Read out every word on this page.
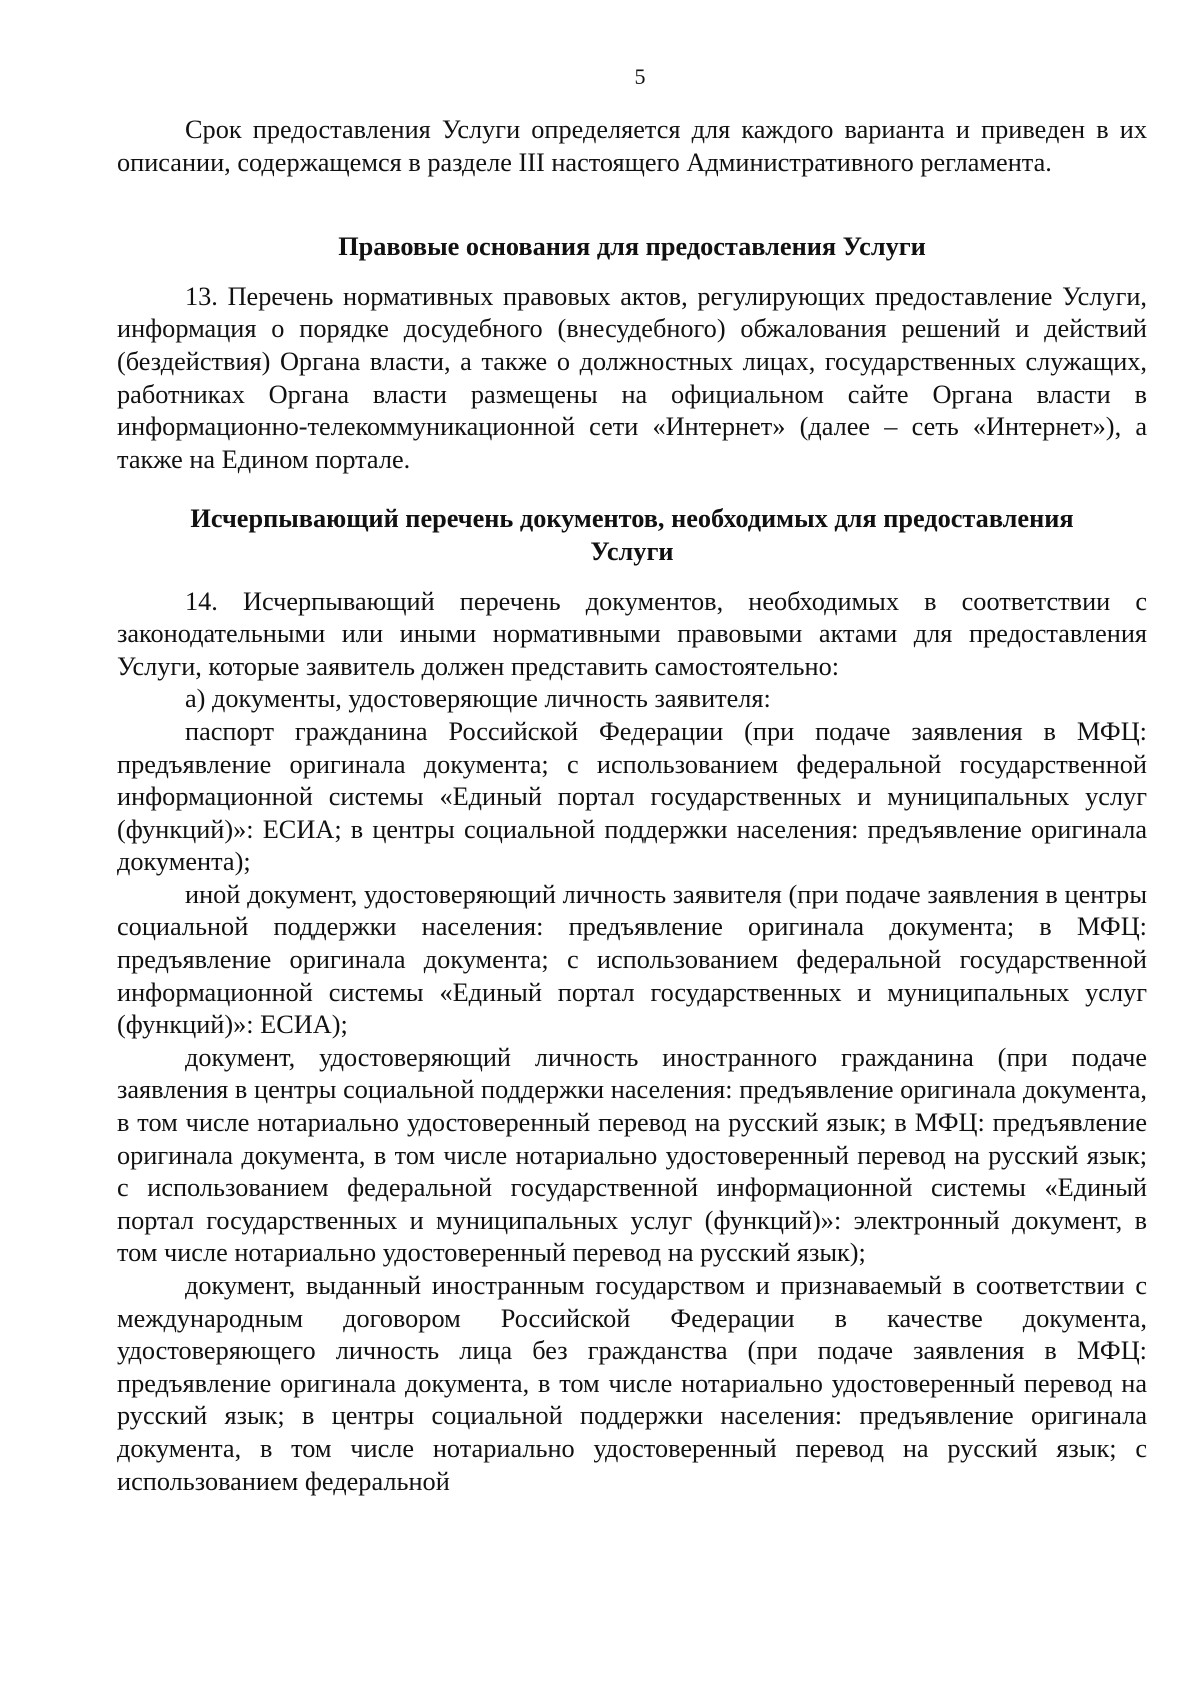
5

Срок предоставления Услуги определяется для каждого варианта и приведен в их описании, содержащемся в разделе III настоящего Административного регламента.

Правовые основания для предоставления Услуги

13. Перечень нормативных правовых актов, регулирующих предоставление Услуги, информация о порядке досудебного (внесудебного) обжалования решений и действий (бездействия) Органа власти, а также о должностных лицах, государственных служащих, работниках Органа власти размещены на официальном сайте Органа власти в информационно-телекоммуникационной сети «Интернет» (далее – сеть «Интернет»), а также на Едином портале.

Исчерпывающий перечень документов, необходимых для предоставления Услуги

14. Исчерпывающий перечень документов, необходимых в соответствии с законодательными или иными нормативными правовыми актами для предоставления Услуги, которые заявитель должен представить самостоятельно:

а) документы, удостоверяющие личность заявителя:

паспорт гражданина Российской Федерации (при подаче заявления в МФЦ: предъявление оригинала документа; с использованием федеральной государственной информационной системы «Единый портал государственных и муниципальных услуг (функций)»: ЕСИА; в центры социальной поддержки населения: предъявление оригинала документа);

иной документ, удостоверяющий личность заявителя (при подаче заявления в центры социальной поддержки населения: предъявление оригинала документа; в МФЦ: предъявление оригинала документа; с использованием федеральной государственной информационной системы «Единый портал государственных и муниципальных услуг (функций)»: ЕСИА);

документ, удостоверяющий личность иностранного гражданина (при подаче заявления в центры социальной поддержки населения: предъявление оригинала документа, в том числе нотариально удостоверенный перевод на русский язык; в МФЦ: предъявление оригинала документа, в том числе нотариально удостоверенный перевод на русский язык; с использованием федеральной государственной информационной системы «Единый портал государственных и муниципальных услуг (функций)»: электронный документ, в том числе нотариально удостоверенный перевод на русский язык);

документ, выданный иностранным государством и признаваемый в соответствии с международным договором Российской Федерации в качестве документа, удостоверяющего личность лица без гражданства (при подаче заявления в МФЦ: предъявление оригинала документа, в том числе нотариально удостоверенный перевод на русский язык; в центры социальной поддержки населения: предъявление оригинала документа, в том числе нотариально удостоверенный перевод на русский язык; с использованием федеральной
